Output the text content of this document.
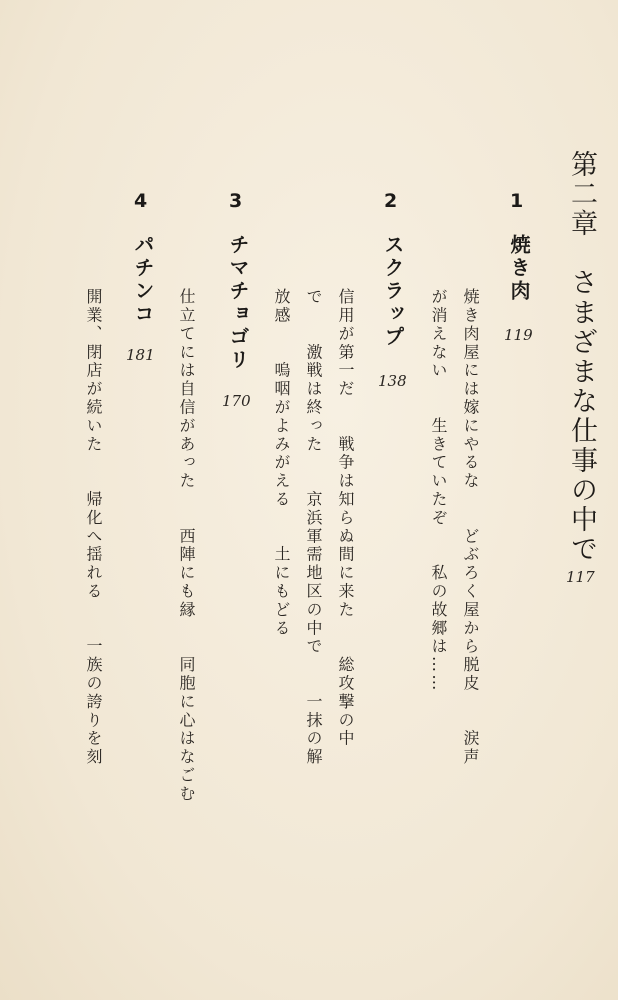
第二章　さまざまな仕事の中で
117
1
焼き肉
119
焼き肉屋には嫁にやるな　　どぶろく屋から脱皮　　涙声
が消えない　　生きていたぞ　　私の故郷は……
2
スクラップ
138
信用が第一だ　　戦争は知らぬ間に来た　　総攻撃の中
で　　激戦は終った　　京浜軍需地区の中で　　一抹の解
放感　　嗚咽がよみがえる　　土にもどる
3
チマチョゴリ
170
仕立てには自信があった　　西陣にも縁　　同胞に心はなごむ
4
パチンコ
181
開業、閉店が続いた　　帰化へ揺れる　　一族の誇りを刻
